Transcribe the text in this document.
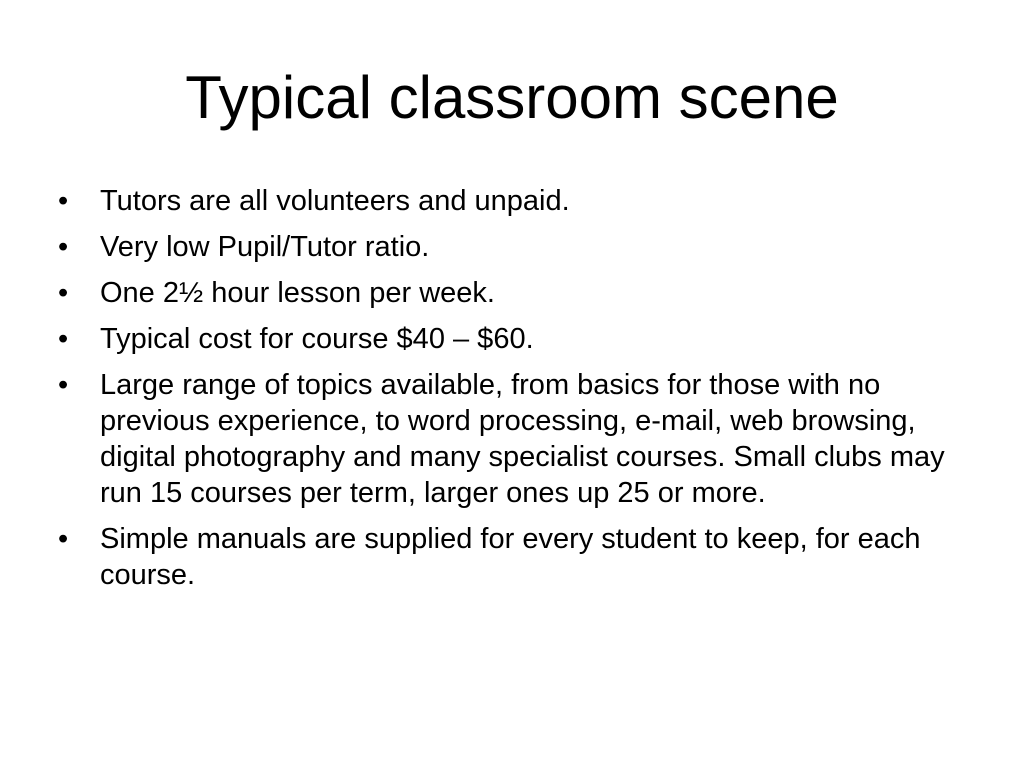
Typical classroom scene
•	Tutors are all volunteers and unpaid.
•	Very low Pupil/Tutor ratio.
•	One 2½ hour lesson per week.
•	Typical cost for course $40 – $60.
•	Large range of topics available, from basics for those with no previous experience, to word processing, e-mail, web browsing, digital photography and many specialist courses. Small clubs may run 15 courses per term, larger ones up 25 or more.
•	Simple manuals are supplied for every student to keep, for each course.
